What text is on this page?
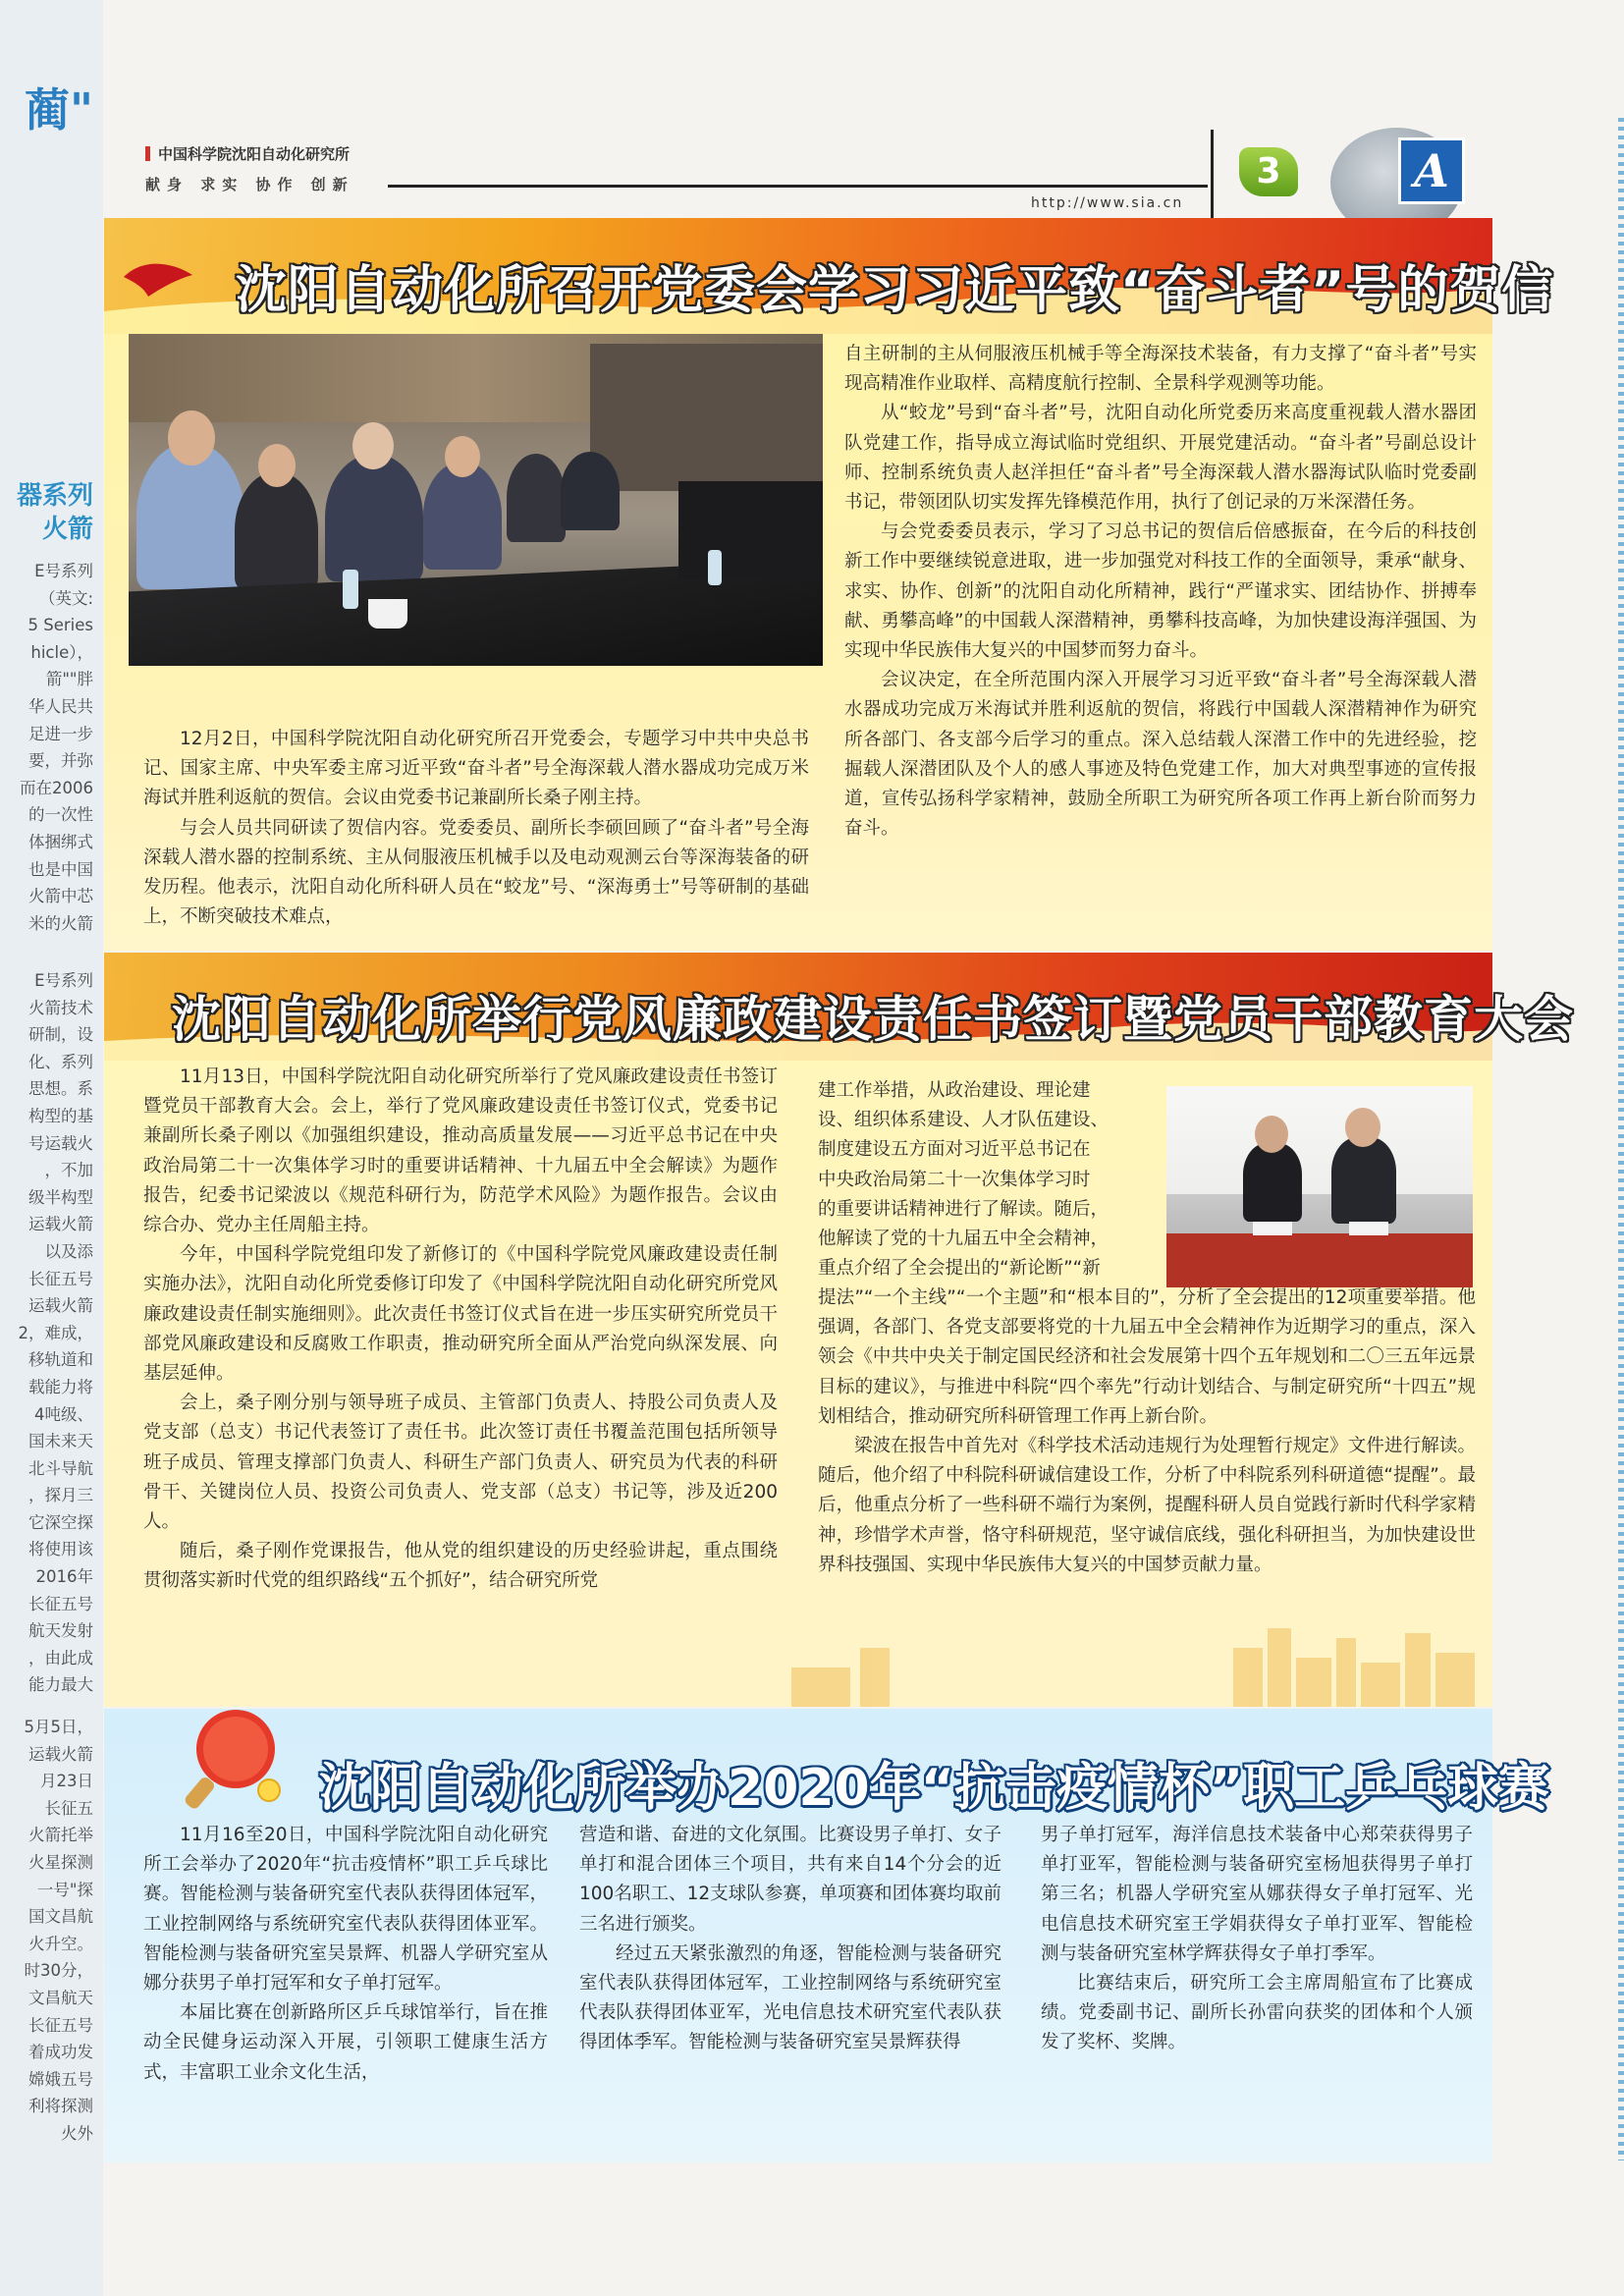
蔺"
器系列
火箭
E号系列
（英文:
5 Series
hicle），
箭""胖
华人民共
足进一步
要，并弥
而在2006
的一次性
体捆绑式
也是中国
火箭中芯
米的火箭
E号系列
火箭技术
研制，设
化、系列
思想。系
构型的基
号运载火
，不加
级半构型
运载火箭
以及添
长征五号
运载火箭
2，难成，
移轨道和
载能力将
4吨级、
国未来天
北斗导航
，探月三
它深空探
将使用该
2016年
长征五号
航天发射
，由此成
能力最大
5月5日，
运载火箭
月23日
长征五
火箭托举
火星探测
一号"探
国文昌航
火升空。
时30分，
文昌航天
长征五号
着成功发
嫦娥五号
利将探测
火外
中国科学院沈阳自动化研究所
献身 求实 协作 创新
http://www.sia.cn
3	A
沈阳自动化所召开党委会学习习近平致“奋斗者”号的贺信

12月2日，中国科学院沈阳自动化研究所召开党委会，专题学习中共中央总书记、国家主席、中央军委主席习近平致“奋斗者”号全海深载人潜水器成功完成万米海试并胜利返航的贺信。会议由党委书记兼副所长桑子刚主持。

与会人员共同研读了贺信内容。党委委员、副所长李硕回顾了“奋斗者”号全海深载人潜水器的控制系统、主从伺服液压机械手以及电动观测云台等深海装备的研发历程。他表示，沈阳自动化所科研人员在“蛟龙”号、“深海勇士”号等研制的基础上，不断突破技术难点，

自主研制的主从伺服液压机械手等全海深技术装备，有力支撑了“奋斗者”号实现高精准作业取样、高精度航行控制、全景科学观测等功能。

从“蛟龙”号到“奋斗者”号，沈阳自动化所党委历来高度重视载人潜水器团队党建工作，指导成立海试临时党组织、开展党建活动。“奋斗者”号副总设计师、控制系统负责人赵洋担任“奋斗者”号全海深载人潜水器海试队临时党委副书记，带领团队切实发挥先锋模范作用，执行了创记录的万米深潜任务。

与会党委委员表示，学习了习总书记的贺信后倍感振奋，在今后的科技创新工作中要继续锐意进取，进一步加强党对科技工作的全面领导，秉承“献身、求实、协作、创新”的沈阳自动化所精神，践行“严谨求实、团结协作、拼搏奉献、勇攀高峰”的中国载人深潜精神，勇攀科技高峰，为加快建设海洋强国、为实现中华民族伟大复兴的中国梦而努力奋斗。

会议决定，在全所范围内深入开展学习习近平致“奋斗者”号全海深载人潜水器成功完成万米海试并胜利返航的贺信，将践行中国载人深潜精神作为研究所各部门、各支部今后学习的重点。深入总结载人深潜工作中的先进经验，挖掘载人深潜团队及个人的感人事迹及特色党建工作，加大对典型事迹的宣传报道，宣传弘扬科学家精神，鼓励全所职工为研究所各项工作再上新台阶而努力奋斗。

沈阳自动化所举行党风廉政建设责任书签订暨党员干部教育大会

11月13日，中国科学院沈阳自动化研究所举行了党风廉政建设责任书签订暨党员干部教育大会。会上，举行了党风廉政建设责任书签订仪式，党委书记兼副所长桑子刚以《加强组织建设，推动高质量发展——习近平总书记在中央政治局第二十一次集体学习时的重要讲话精神、十九届五中全会解读》为题作报告，纪委书记梁波以《规范科研行为，防范学术风险》为题作报告。会议由综合办、党办主任周船主持。

今年，中国科学院党组印发了新修订的《中国科学院党风廉政建设责任制实施办法》，沈阳自动化所党委修订印发了《中国科学院沈阳自动化研究所党风廉政建设责任制实施细则》。此次责任书签订仪式旨在进一步压实研究所党员干部党风廉政建设和反腐败工作职责，推动研究所全面从严治党向纵深发展、向基层延伸。

会上，桑子刚分别与领导班子成员、主管部门负责人、持股公司负责人及党支部（总支）书记代表签订了责任书。此次签订责任书覆盖范围包括所领导班子成员、管理支撑部门负责人、科研生产部门负责人、研究员为代表的科研骨干、关键岗位人员、投资公司负责人、党支部（总支）书记等，涉及近200人。

随后，桑子刚作党课报告，他从党的组织建设的历史经验讲起，重点围绕贯彻落实新时代党的组织路线“五个抓好”，结合研究所党

建工作举措，从政治建设、理论建
设、组织体系建设、人才队伍建设、
制度建设五方面对习近平总书记在
中央政治局第二十一次集体学习时
的重要讲话精神进行了解读。随后，
他解读了党的十九届五中全会精神，
重点介绍了全会提出的“新论断”“新

提法”“一个主线”“一个主题”和“根本目的”，分析了全会提出的12项重要举措。他强调，各部门、各党支部要将党的十九届五中全会精神作为近期学习的重点，深入领会《中共中央关于制定国民经济和社会发展第十四个五年规划和二〇三五年远景目标的建议》，与推进中科院“四个率先”行动计划结合、与制定研究所“十四五”规划相结合，推动研究所科研管理工作再上新台阶。

梁波在报告中首先对《科学技术活动违规行为处理暂行规定》文件进行解读。随后，他介绍了中科院科研诚信建设工作，分析了中科院系列科研道德“提醒”。最后，他重点分析了一些科研不端行为案例，提醒科研人员自觉践行新时代科学家精神，珍惜学术声誉，恪守科研规范，坚守诚信底线，强化科研担当，为加快建设世界科技强国、实现中华民族伟大复兴的中国梦贡献力量。

沈阳自动化所举办2020年“抗击疫情杯”职工乒乓球赛

11月16至20日，中国科学院沈阳自动化研究所工会举办了2020年“抗击疫情杯”职工乒乓球比赛。智能检测与装备研究室代表队获得团体冠军，工业控制网络与系统研究室代表队获得团体亚军。智能检测与装备研究室吴景辉、机器人学研究室从娜分获男子单打冠军和女子单打冠军。

本届比赛在创新路所区乒乓球馆举行，旨在推动全民健身运动深入开展，引领职工健康生活方式，丰富职工业余文化生活，

营造和谐、奋进的文化氛围。比赛设男子单打、女子单打和混合团体三个项目，共有来自14个分会的近100名职工、12支球队参赛，单项赛和团体赛均取前三名进行颁奖。

经过五天紧张激烈的角逐，智能检测与装备研究室代表队获得团体冠军，工业控制网络与系统研究室代表队获得团体亚军，光电信息技术研究室代表队获得团体季军。智能检测与装备研究室吴景辉获得

男子单打冠军，海洋信息技术装备中心郑荣获得男子单打亚军，智能检测与装备研究室杨旭获得男子单打第三名；机器人学研究室从娜获得女子单打冠军、光电信息技术研究室王学娟获得女子单打亚军、智能检测与装备研究室林学辉获得女子单打季军。

比赛结束后，研究所工会主席周船宣布了比赛成绩。党委副书记、副所长孙雷向获奖的团体和个人颁发了奖杯、奖牌。
